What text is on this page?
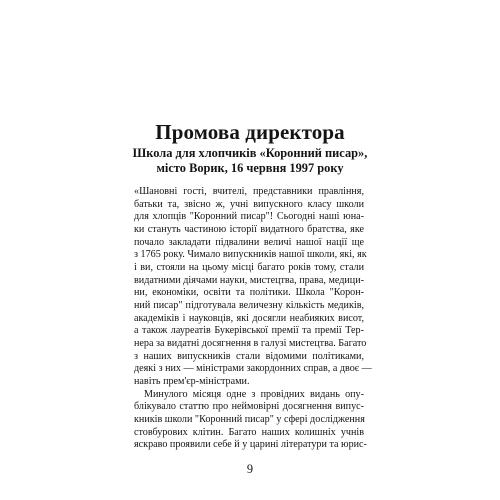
Промова директора
Школа для хлопчиків «Коронний писар»,
місто Ворик, 16 червня 1997 року
«Шановні гості, вчителі, представники правління,
батьки та, звісно ж, учні випускного класу школи
для хлопців "Коронний писар"! Сьогодні наші юна-
ки стануть частиною історії видатного братства, яке
почало закладати підвалини величі нашої нації ще
з 1765 року. Чимало випускників нашої школи, які, як
і ви, стояли на цьому місці багато років тому, стали
видатними діячами науки, мистецтва, права, медици-
ни, економіки, освіти та політики. Школа "Корон-
ний писар" підготувала величезну кількість медиків,
академіків і науковців, які досягли неабияких висот,
а також лауреатів Букерівської премії та премії Тер-
нера за видатні досягнення в галузі мистецтва. Багато
з наших випускників стали відомими політиками,
деякі з них — міністрами закордонних справ, а двоє —
навіть прем'єр-міністрами.
Минулого місяця одне з провідних видань опу-
блікувало статтю про неймовірні досягнення випус-
кників школи "Коронний писар" у сфері дослідження
стовбурових клітин. Багато наших колишніх учнів
яскраво проявили себе й у царині літератури та юрис-
9
